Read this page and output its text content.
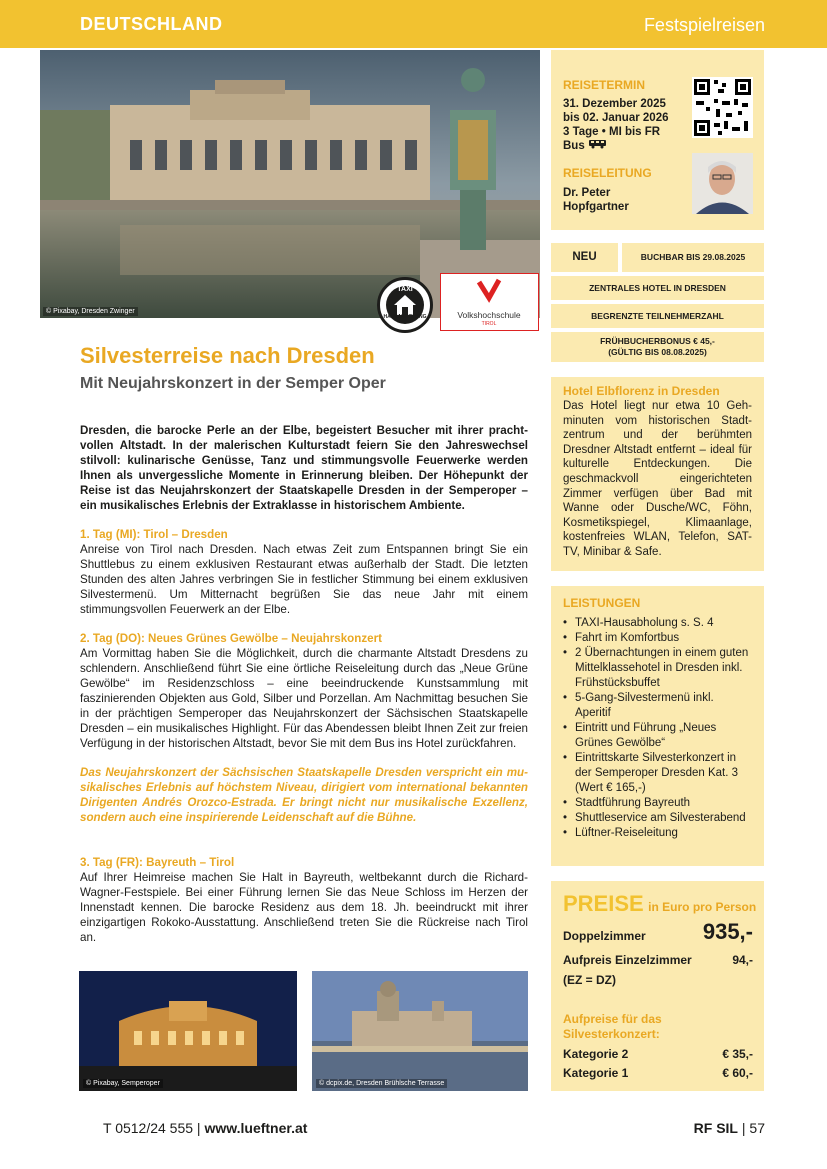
DEUTSCHLAND	Festspielreisen
© Pixabay, Dresden Zwinger
TAXI
HAUSABHOLUNG	Volkshochschule
TIROL
Silvesterreise nach Dresden
Mit Neujahrskonzert in der Semper Oper

Dresden, die barocke Perle an der Elbe, begeistert Besucher mit ihrer prachtvollen Altstadt. In der malerischen Kulturstadt feiern Sie den Jahreswechsel stilvoll: kulinarische Genüsse, Tanz und stimmungsvolle Feuerwerke werden Ihnen als unvergessliche Momente in Erinnerung bleiben. Der Höhepunkt der Reise ist das Neujahrskonzert der Staatskapelle Dresden in der Semperoper – ein musikalisches Erlebnis der Extraklasse in historischem Ambiente.

1. Tag (MI): Tirol – Dresden
Anreise von Tirol nach Dresden. Nach etwas Zeit zum Entspannen bringt Sie ein Shuttlebus zu einem exklusiven Restaurant etwas außerhalb der Stadt. Die letzten Stunden des alten Jahres verbringen Sie in festlicher Stimmung bei einem exklusiven Silvestermenü. Um Mitternacht begrüßen Sie das neue Jahr mit einem stimmungsvollen Feuerwerk an der Elbe.

2. Tag (DO): Neues Grünes Gewölbe – Neujahrskonzert
Am Vormittag haben Sie die Möglichkeit, durch die charmante Altstadt Dresdens zu schlendern. Anschließend führt Sie eine örtliche Reiseleitung durch das „Neue Grüne Gewölbe“ im Residenzschloss – eine beeindruckende Kunstsammlung mit faszinierenden Objekten aus Gold, Silber und Porzellan. Am Nachmittag besuchen Sie in der prächtigen Semperoper das Neujahrskonzert der Sächsischen Staatskapelle Dresden – ein musikalisches Highlight. Für das Abendessen bleibt Ihnen Zeit zur freien Verfügung in der historischen Altstadt, bevor Sie mit dem Bus ins Hotel zurückfahren.

Das Neujahrskonzert der Sächsischen Staatskapelle Dresden verspricht ein musikalisches Erlebnis auf höchstem Niveau, dirigiert vom international bekannten Dirigenten Andrés Orozco-Estrada. Er bringt nicht nur musikalische Exzellenz, sondern auch eine inspirierende Leidenschaft auf die Bühne.

3. Tag (FR): Bayreuth – Tirol
Auf Ihrer Heimreise machen Sie Halt in Bayreuth, weltbekannt durch die Richard-Wagner-Festspiele. Bei einer Führung lernen Sie das Neue Schloss im Herzen der Innenstadt kennen. Die barocke Residenz aus dem 18. Jh. beeindruckt mit ihrer einzigartigen Rokoko-Ausstattung. Anschließend treten Sie die Rückreise nach Tirol an.

© Pixabay, Semperoper	© dcpix.de, Dresden Brühlsche Terrasse
T 0512/24 555 | www.lueftner.at	RF SIL | 57
REISETERMIN
31. Dezember 2025
bis 02. Januar 2026
3 Tage • MI bis FR
Bus
REISELEITUNG
Dr. Peter
Hopfgartner
NEU	BUCHBAR BIS 29.08.2025
ZENTRALES HOTEL IN DRESDEN
BEGRENZTE TEILNEHMERZAHL
FRÜHBUCHERBONUS € 45,-
(GÜLTIG BIS 08.08.2025)
Hotel Elbflorenz in Dresden
Das Hotel liegt nur etwa 10 Gehminuten vom historischen Stadtzentrum und der berühmten Dresdner Altstadt entfernt – ideal für kulturelle Entdeckungen. Die geschmackvoll eingerichteten Zimmer verfügen über Bad mit Wanne oder Dusche/WC, Föhn, Kosmetikspiegel, Klimaanlage, kostenfreies WLAN, Telefon, SAT-TV, Minibar & Safe.
LEISTUNGEN
• TAXI-Hausabholung s. S. 4
• Fahrt im Komfortbus
• 2 Übernachtungen in einem guten Mittelklassehotel in Dresden inkl. Frühstücksbuffet
• 5-Gang-Silvestermenü inkl. Aperitif
• Eintritt und Führung „Neues Grünes Gewölbe“
• Eintrittskarte Silvesterkonzert in der Semperoper Dresden Kat. 3 (Wert € 165,-)
• Stadtführung Bayreuth
• Shuttleservice am Silvesterabend
• Lüftner-Reiseleitung
PREISE in Euro pro Person
Doppelzimmer	935,-
Aufpreis Einzelzimmer	94,-
(EZ = DZ)
Aufpreise für das Silvesterkonzert:
Kategorie 2	€ 35,-
Kategorie 1	€ 60,-
